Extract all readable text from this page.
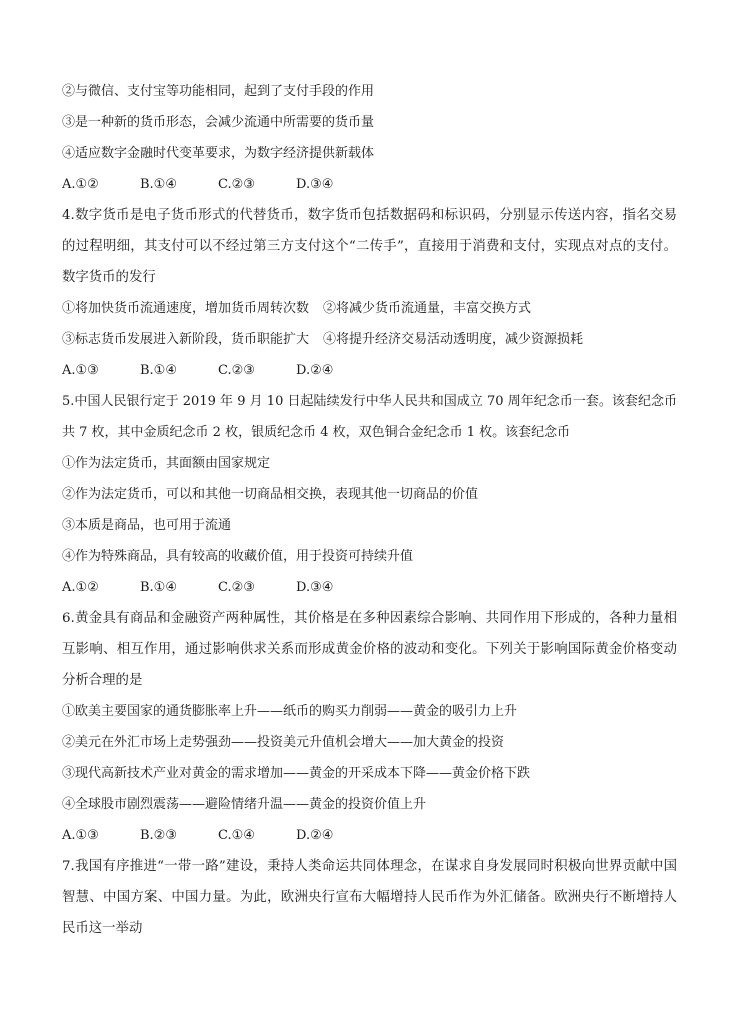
②与微信、支付宝等功能相同，起到了支付手段的作用
③是一种新的货币形态，会减少流通中所需要的货币量
④适应数字金融时代变革要求，为数字经济提供新载体
A.①②	B.①④	C.②③	D.③④

4.数字货币是电子货币形式的代替货币，数字货币包括数据码和标识码，分别显示传送内容，指名交易的过程明细，其支付可以不经过第三方支付这个“二传手”，直接用于消费和支付，实现点对点的支付。数字货币的发行

①将加快货币流通速度，增加货币周转次数 ②将减少货币流通量，丰富交换方式
③标志货币发展进入新阶段，货币职能扩大 ④将提升经济交易活动透明度，减少资源损耗
A.①③	B.①④	C.②③	D.②④

5.中国人民银行定于 2019 年 9 月 10 日起陆续发行中华人民共和国成立 70 周年纪念币一套。该套纪念币共 7 枚，其中金质纪念币 2 枚，银质纪念币 4 枚，双色铜合金纪念币 1 枚。该套纪念币

①作为法定货币，其面额由国家规定
②作为法定货币，可以和其他一切商品相交换，表现其他一切商品的价值
③本质是商品，也可用于流通
④作为特殊商品，具有较高的收藏价值，用于投资可持续升值
A.①②	B.①④	C.②③	D.③④

6.黄金具有商品和金融资产两种属性，其价格是在多种因素综合影响、共同作用下形成的，各种力量相互影响、相互作用，通过影响供求关系而形成黄金价格的波动和变化。下列关于影响国际黄金价格变动分析合理的是

①欧美主要国家的通货膨胀率上升——纸币的购买力削弱——黄金的吸引力上升
②美元在外汇市场上走势强劲——投资美元升值机会增大——加大黄金的投资
③现代高新技术产业对黄金的需求增加——黄金的开采成本下降——黄金价格下跌
④全球股市剧烈震荡——避险情绪升温——黄金的投资价值上升
A.①③	B.②③	C.①④	D.②④

7.我国有序推进“一带一路”建设，秉持人类命运共同体理念，在谋求自身发展同时积极向世界贡献中国智慧、中国方案、中国力量。为此，欧洲央行宣布大幅增持人民币作为外汇储备。欧洲央行不断增持人民币这一举动
